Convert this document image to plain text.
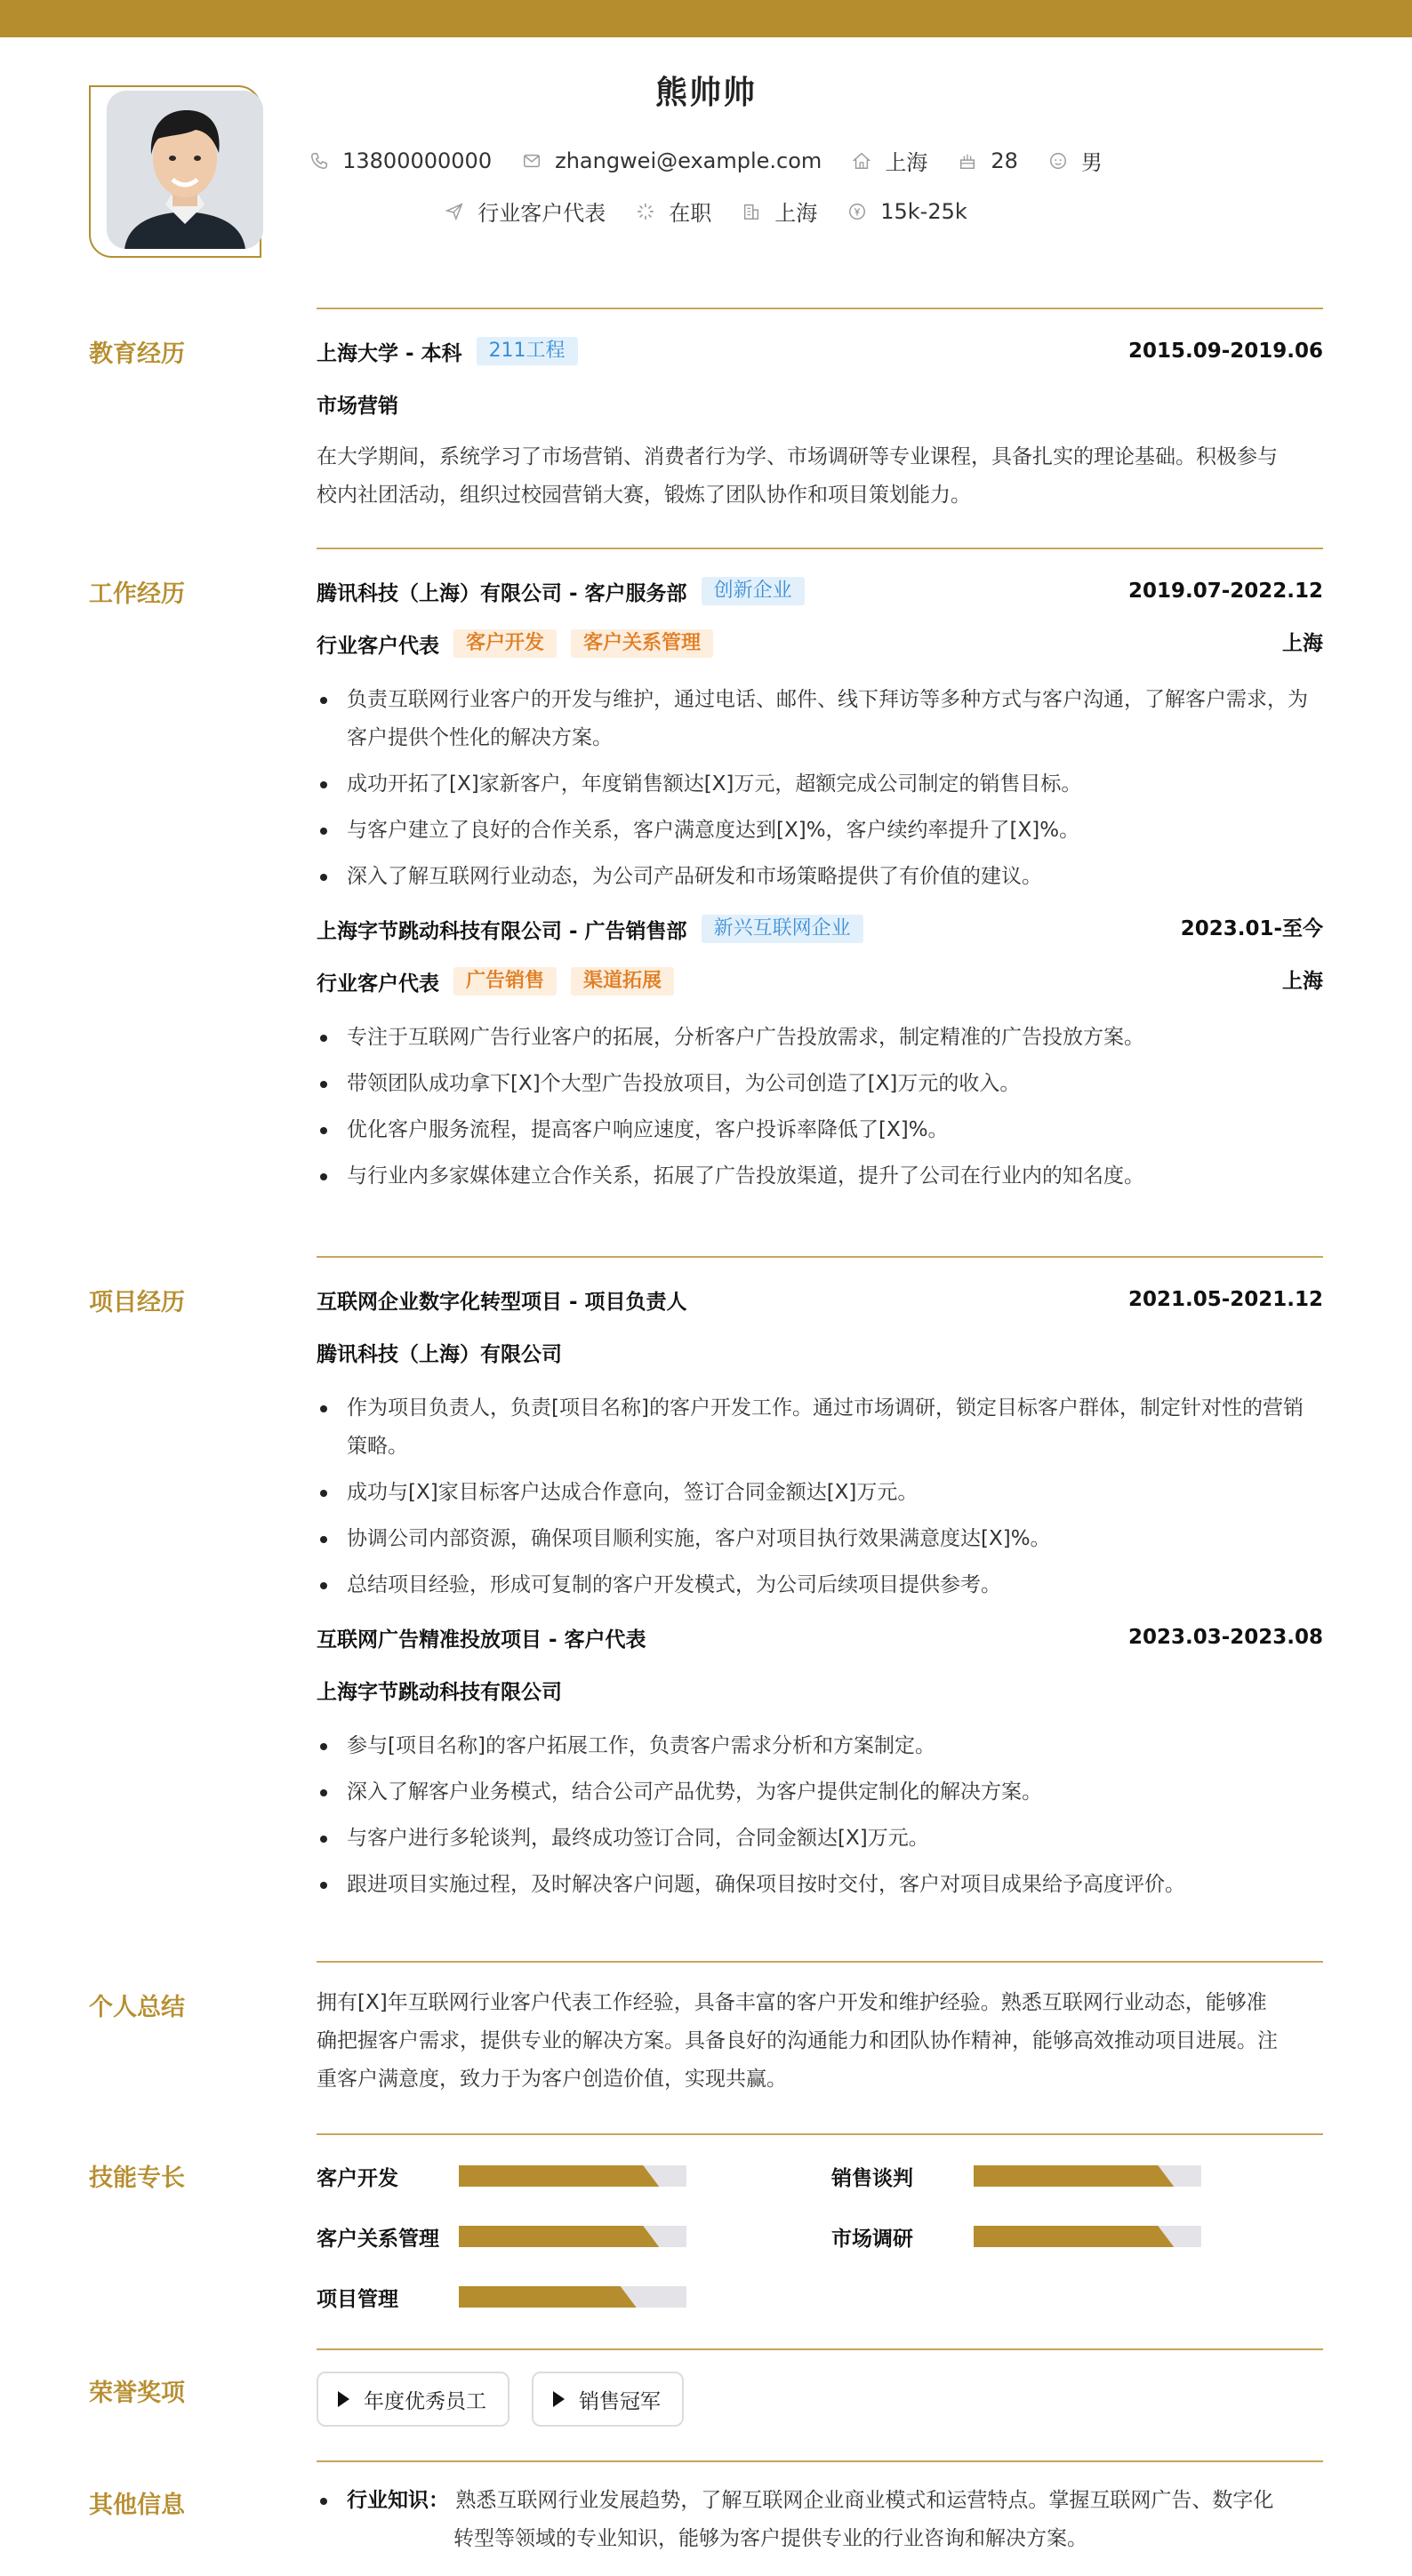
熊帅帅
13800000000	zhangwei@example.com	上海	28	男
行业客户代表	在职	上海	15k-25k
教育经历	上海大学 - 本科	211工程	2015.09-2019.06
市场营销
在大学期间，系统学习了市场营销、消费者行为学、市场调研等专业课程，具备扎实的理论基础。积极参与
校内社团活动，组织过校园营销大赛，锻炼了团队协作和项目策划能力。
工作经历	腾讯科技（上海）有限公司 - 客户服务部	创新企业	2019.07-2022.12
行业客户代表	客户开发	客户关系管理	上海
负责互联网行业客户的开发与维护，通过电话、邮件、线下拜访等多种方式与客户沟通，了解客户需求，为客户提供个性化的解决方案。
成功开拓了[X]家新客户，年度销售额达[X]万元，超额完成公司制定的销售目标。
与客户建立了良好的合作关系，客户满意度达到[X]%，客户续约率提升了[X]%。
深入了解互联网行业动态，为公司产品研发和市场策略提供了有价值的建议。
上海字节跳动科技有限公司 - 广告销售部	新兴互联网企业	2023.01-至今
行业客户代表	广告销售	渠道拓展	上海
专注于互联网广告行业客户的拓展，分析客户广告投放需求，制定精准的广告投放方案。
带领团队成功拿下[X]个大型广告投放项目，为公司创造了[X]万元的收入。
优化客户服务流程，提高客户响应速度，客户投诉率降低了[X]%。
与行业内多家媒体建立合作关系，拓展了广告投放渠道，提升了公司在行业内的知名度。
项目经历	互联网企业数字化转型项目 - 项目负责人	2021.05-2021.12
腾讯科技（上海）有限公司
作为项目负责人，负责[项目名称]的客户开发工作。通过市场调研，锁定目标客户群体，制定针对性的营销策略。
成功与[X]家目标客户达成合作意向，签订合同金额达[X]万元。
协调公司内部资源，确保项目顺利实施，客户对项目执行效果满意度达[X]%。
总结项目经验，形成可复制的客户开发模式，为公司后续项目提供参考。
互联网广告精准投放项目 - 客户代表	2023.03-2023.08
上海字节跳动科技有限公司
参与[项目名称]的客户拓展工作，负责客户需求分析和方案制定。
深入了解客户业务模式，结合公司产品优势，为客户提供定制化的解决方案。
与客户进行多轮谈判，最终成功签订合同，合同金额达[X]万元。
跟进项目实施过程，及时解决客户问题，确保项目按时交付，客户对项目成果给予高度评价。
个人总结	拥有[X]年互联网行业客户代表工作经验，具备丰富的客户开发和维护经验。熟悉互联网行业动态，能够准
确把握客户需求，提供专业的解决方案。具备良好的沟通能力和团队协作精神，能够高效推动项目进展。注
重客户满意度，致力于为客户创造价值，实现共赢。
技能专长	客户开发	销售谈判
客户关系管理	市场调研
项目管理
荣誉奖项	年度优秀员工	销售冠军
其他信息	行业知识： 熟悉互联网行业发展趋势，了解互联网企业商业模式和运营特点。掌握互联网广告、数字化
转型等领域的专业知识，能够为客户提供专业的行业咨询和解决方案。
